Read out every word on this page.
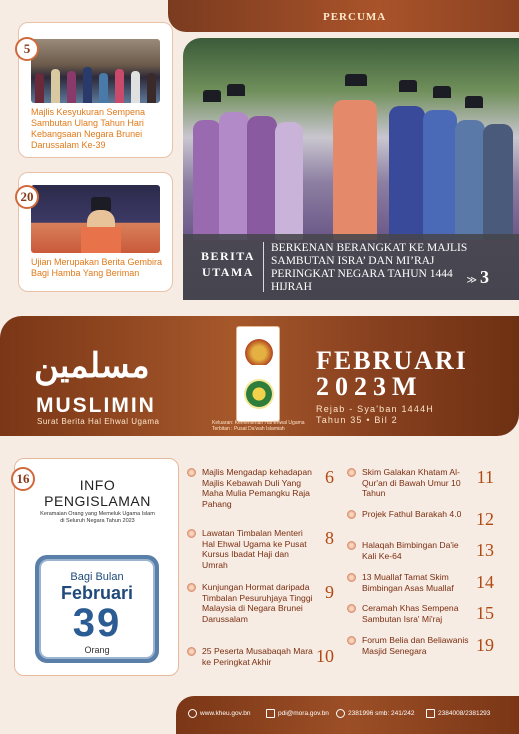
PERCUMA
5
Majlis Kesyukuran Sempena Sambutan Ulang Tahun Hari Kebangsaan Negara Brunei Darussalam Ke-39
20
Ujian Merupakan Berita Gembira Bagi Hamba Yang Beriman
BERITA
UTAMA
BERKENAN BERANGKAT KE MAJLIS SAMBUTAN ISRA’ DAN MI’RAJ PERINGKAT NEGARA TAHUN 1444 HIJRAH
≫ 3
مسلمين
MUSLIMIN
Surat Berita Hal Ehwal Ugama	Keluaran: Kementerian Hal Ehwal Ugama
Terbitan : Pusat Da'wah Islamiah
FEBRUARI
2023M
Rejab - Sya'ban 1444H
Tahun 35 • Bil 2
16	INFO
PENGISLAMAN
Keramaian Orang yang Memeluk Ugama Islam
di Seluruh Negara Tahun 2023
Bagi Bulan
Februari
39
Orang
Majlis Mengadap kehadapan Majlis Kebawah Duli Yang Maha Mulia Pemangku Raja Pahang
6
Lawatan Timbalan Menteri Hal Ehwal Ugama ke Pusat Kursus Ibadat Haji dan Umrah
8
Kunjungan Hormat daripada Timbalan Pesuruhjaya Tinggi Malaysia di Negara Brunei Darussalam
9
25 Peserta Musabaqah Mara ke Peringkat Akhir	10
Skim Galakan Khatam Al-Qur'an di Bawah Umur 10 Tahun
11
Projek Fathul Barakah 4.0 12
Halaqah Bimbingan Da'ie Kali Ke-64	13
13 Muallaf Tamat Skim Bimbingan Asas Muallaf	14
Ceramah Khas Sempena Sambutan Isra' Mi'raj	15
Forum Belia dan Beliawanis Masjid Senegara	19
www.kheu.gov.bn	pdi@mora.gov.bn	2381996 smb: 241/242	2384008/2381293
